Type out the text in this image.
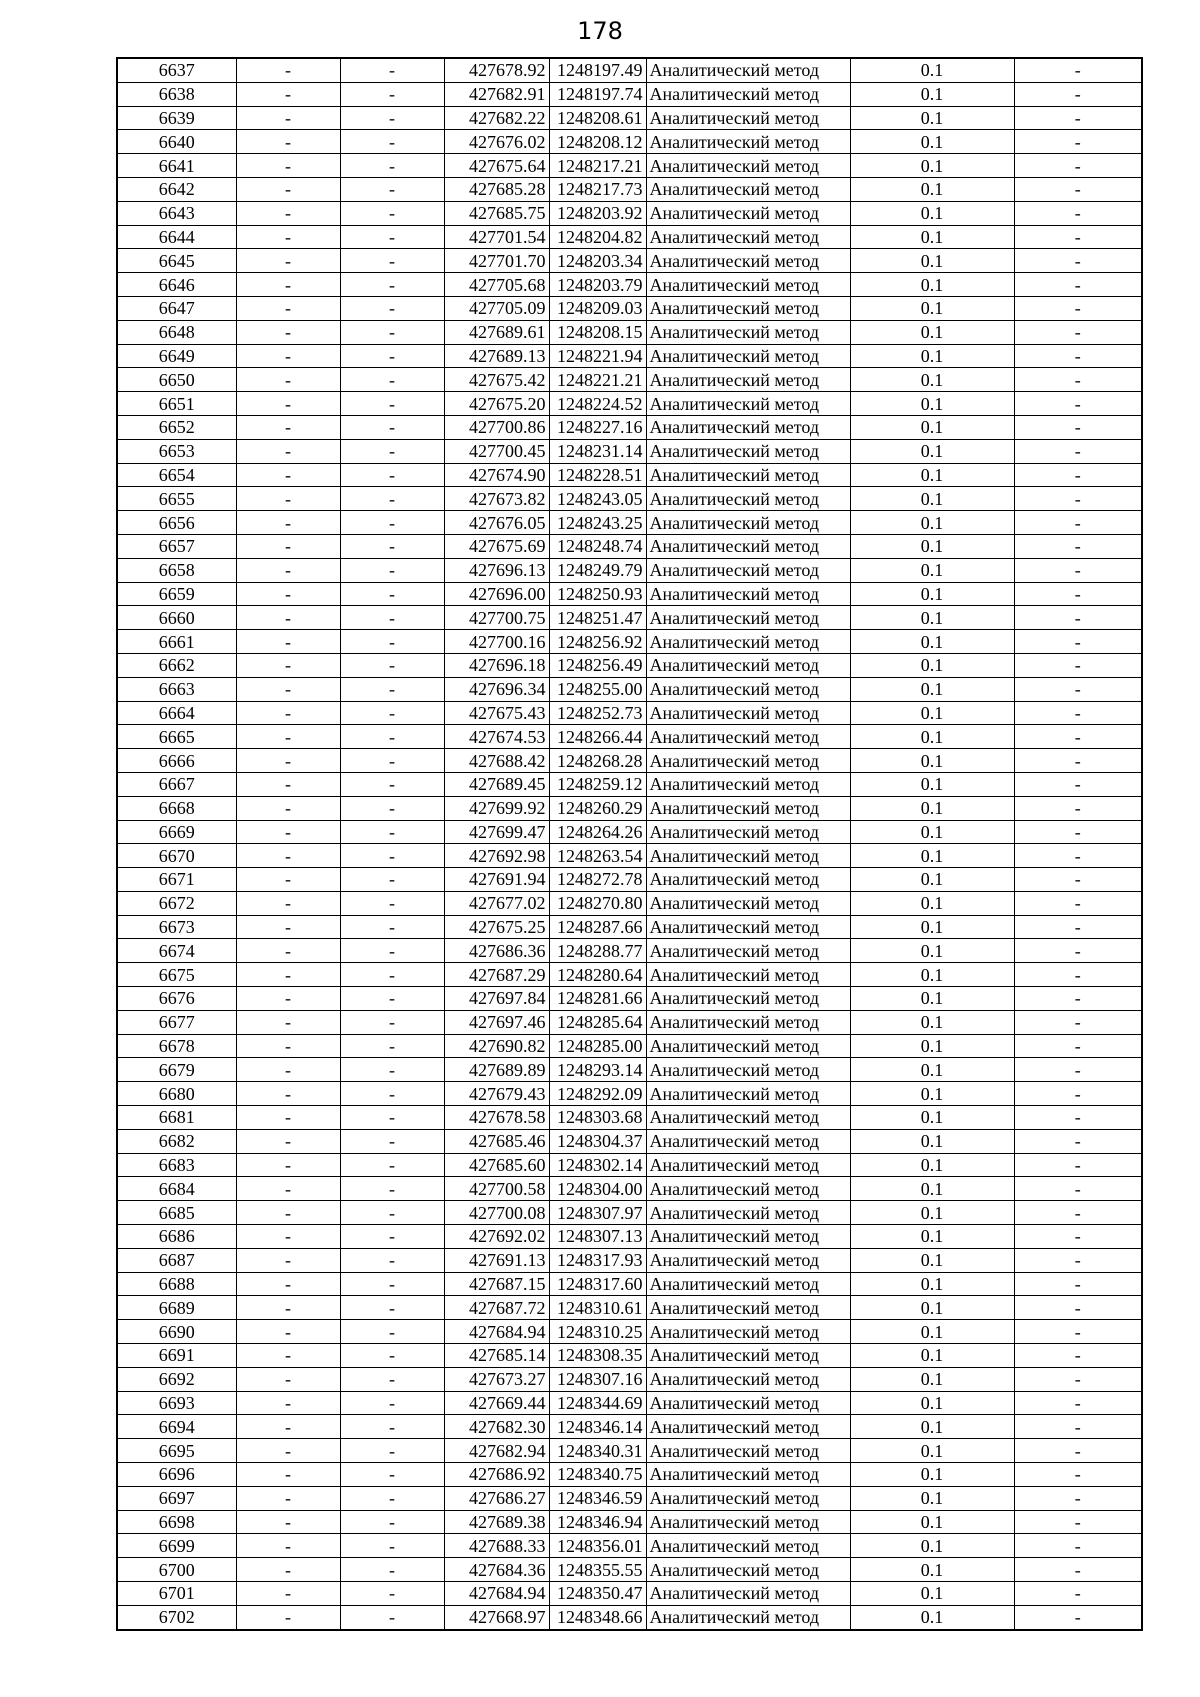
178
6637	-	-	427678.92	1248197.49	Аналитический метод	0.1	-
6638	-	-	427682.91	1248197.74	Аналитический метод	0.1	-
6639	-	-	427682.22	1248208.61	Аналитический метод	0.1	-
6640	-	-	427676.02	1248208.12	Аналитический метод	0.1	-
6641	-	-	427675.64	1248217.21	Аналитический метод	0.1	-
6642	-	-	427685.28	1248217.73	Аналитический метод	0.1	-
6643	-	-	427685.75	1248203.92	Аналитический метод	0.1	-
6644	-	-	427701.54	1248204.82	Аналитический метод	0.1	-
6645	-	-	427701.70	1248203.34	Аналитический метод	0.1	-
6646	-	-	427705.68	1248203.79	Аналитический метод	0.1	-
6647	-	-	427705.09	1248209.03	Аналитический метод	0.1	-
6648	-	-	427689.61	1248208.15	Аналитический метод	0.1	-
6649	-	-	427689.13	1248221.94	Аналитический метод	0.1	-
6650	-	-	427675.42	1248221.21	Аналитический метод	0.1	-
6651	-	-	427675.20	1248224.52	Аналитический метод	0.1	-
6652	-	-	427700.86	1248227.16	Аналитический метод	0.1	-
6653	-	-	427700.45	1248231.14	Аналитический метод	0.1	-
6654	-	-	427674.90	1248228.51	Аналитический метод	0.1	-
6655	-	-	427673.82	1248243.05	Аналитический метод	0.1	-
6656	-	-	427676.05	1248243.25	Аналитический метод	0.1	-
6657	-	-	427675.69	1248248.74	Аналитический метод	0.1	-
6658	-	-	427696.13	1248249.79	Аналитический метод	0.1	-
6659	-	-	427696.00	1248250.93	Аналитический метод	0.1	-
6660	-	-	427700.75	1248251.47	Аналитический метод	0.1	-
6661	-	-	427700.16	1248256.92	Аналитический метод	0.1	-
6662	-	-	427696.18	1248256.49	Аналитический метод	0.1	-
6663	-	-	427696.34	1248255.00	Аналитический метод	0.1	-
6664	-	-	427675.43	1248252.73	Аналитический метод	0.1	-
6665	-	-	427674.53	1248266.44	Аналитический метод	0.1	-
6666	-	-	427688.42	1248268.28	Аналитический метод	0.1	-
6667	-	-	427689.45	1248259.12	Аналитический метод	0.1	-
6668	-	-	427699.92	1248260.29	Аналитический метод	0.1	-
6669	-	-	427699.47	1248264.26	Аналитический метод	0.1	-
6670	-	-	427692.98	1248263.54	Аналитический метод	0.1	-
6671	-	-	427691.94	1248272.78	Аналитический метод	0.1	-
6672	-	-	427677.02	1248270.80	Аналитический метод	0.1	-
6673	-	-	427675.25	1248287.66	Аналитический метод	0.1	-
6674	-	-	427686.36	1248288.77	Аналитический метод	0.1	-
6675	-	-	427687.29	1248280.64	Аналитический метод	0.1	-
6676	-	-	427697.84	1248281.66	Аналитический метод	0.1	-
6677	-	-	427697.46	1248285.64	Аналитический метод	0.1	-
6678	-	-	427690.82	1248285.00	Аналитический метод	0.1	-
6679	-	-	427689.89	1248293.14	Аналитический метод	0.1	-
6680	-	-	427679.43	1248292.09	Аналитический метод	0.1	-
6681	-	-	427678.58	1248303.68	Аналитический метод	0.1	-
6682	-	-	427685.46	1248304.37	Аналитический метод	0.1	-
6683	-	-	427685.60	1248302.14	Аналитический метод	0.1	-
6684	-	-	427700.58	1248304.00	Аналитический метод	0.1	-
6685	-	-	427700.08	1248307.97	Аналитический метод	0.1	-
6686	-	-	427692.02	1248307.13	Аналитический метод	0.1	-
6687	-	-	427691.13	1248317.93	Аналитический метод	0.1	-
6688	-	-	427687.15	1248317.60	Аналитический метод	0.1	-
6689	-	-	427687.72	1248310.61	Аналитический метод	0.1	-
6690	-	-	427684.94	1248310.25	Аналитический метод	0.1	-
6691	-	-	427685.14	1248308.35	Аналитический метод	0.1	-
6692	-	-	427673.27	1248307.16	Аналитический метод	0.1	-
6693	-	-	427669.44	1248344.69	Аналитический метод	0.1	-
6694	-	-	427682.30	1248346.14	Аналитический метод	0.1	-
6695	-	-	427682.94	1248340.31	Аналитический метод	0.1	-
6696	-	-	427686.92	1248340.75	Аналитический метод	0.1	-
6697	-	-	427686.27	1248346.59	Аналитический метод	0.1	-
6698	-	-	427689.38	1248346.94	Аналитический метод	0.1	-
6699	-	-	427688.33	1248356.01	Аналитический метод	0.1	-
6700	-	-	427684.36	1248355.55	Аналитический метод	0.1	-
6701	-	-	427684.94	1248350.47	Аналитический метод	0.1	-
6702	-	-	427668.97	1248348.66	Аналитический метод	0.1	-
